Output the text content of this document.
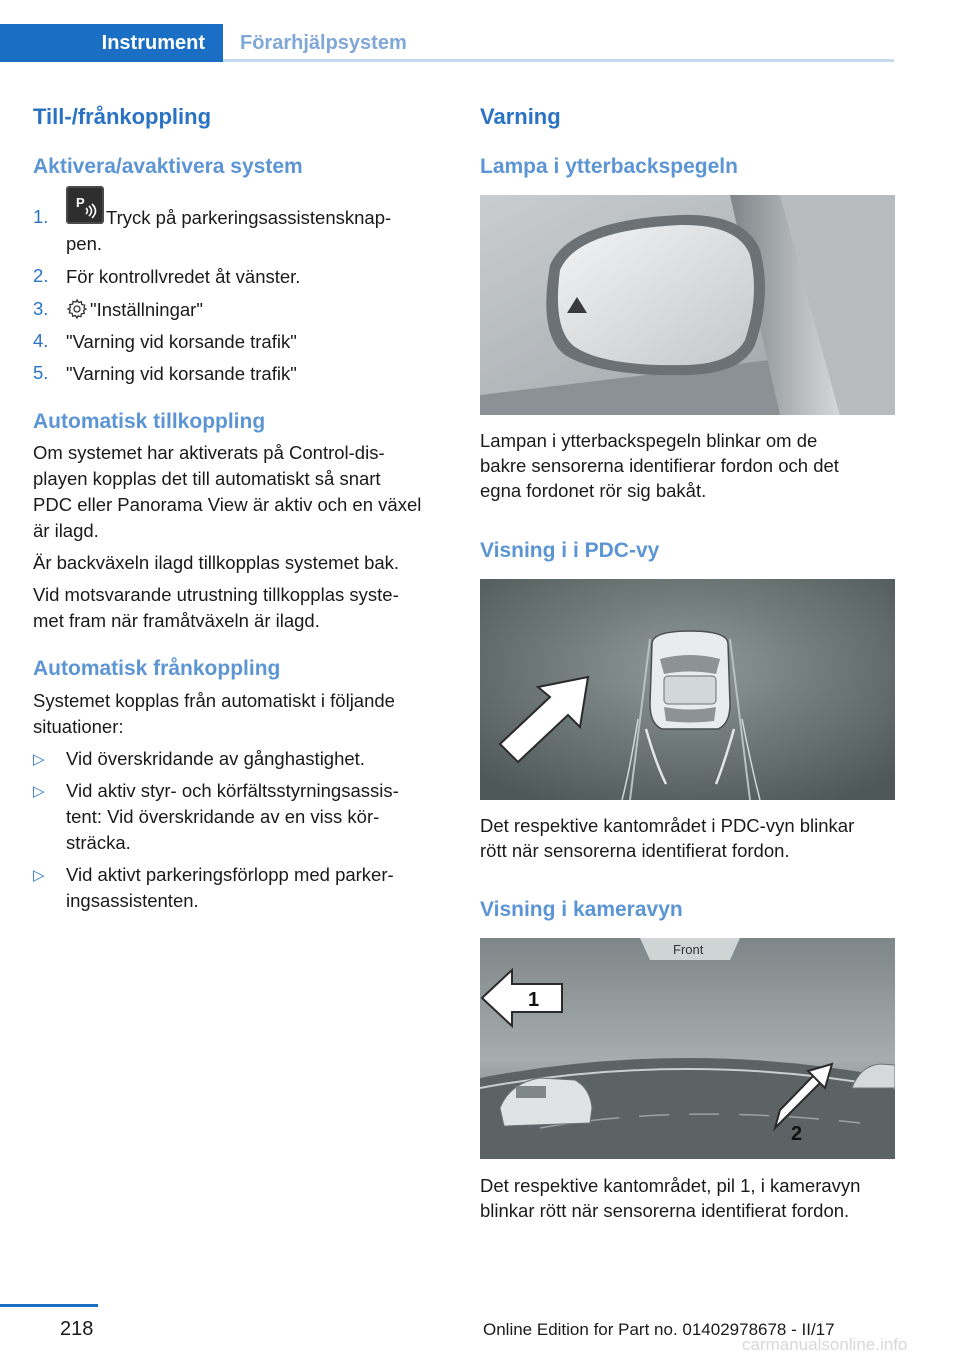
Instrument Förarhjälpsystem
Till-/frånkoppling
Aktivera/avaktivera system
1.
P
Tryck på parkeringsassistensknap‐
pen.
2. För kontrollvredet åt vänster.
3. "Inställningar"
4. "Varning vid korsande trafik"
5. "Varning vid korsande trafik"
Automatisk tillkoppling
Om systemet har aktiverats på Control-dis‐
playen kopplas det till automatiskt så snart
PDC eller Panorama View är aktiv och en växel
är ilagd.
Är backväxeln ilagd tillkopplas systemet bak.
Vid motsvarande utrustning tillkopplas syste‐
met fram när framåtväxeln är ilagd.
Automatisk frånkoppling
Systemet kopplas från automatiskt i följande
situationer:
▷ Vid överskridande av gånghastighet.
▷ Vid aktiv styr- och körfältsstyrningsassis‐
tent: Vid överskridande av en viss kör‐
sträcka.
▷ Vid aktivt parkeringsförlopp med parker‐
ingsassistenten.
Varning
Lampa i ytterbackspegeln
Lampan i ytterbackspegeln blinkar om de
bakre sensorerna identifierar fordon och det
egna fordonet rör sig bakåt.
Visning i i PDC-vy
Det respektive kantområdet i PDC-vyn blinkar
rött när sensorerna identifierat fordon.
Visning i kameravyn
Front
1
2
Det respektive kantområdet, pil 1, i kameravyn
blinkar rött när sensorerna identifierat fordon.
218	Online Edition for Part no. 01402978678 - II/17
carmanualsonline.info
